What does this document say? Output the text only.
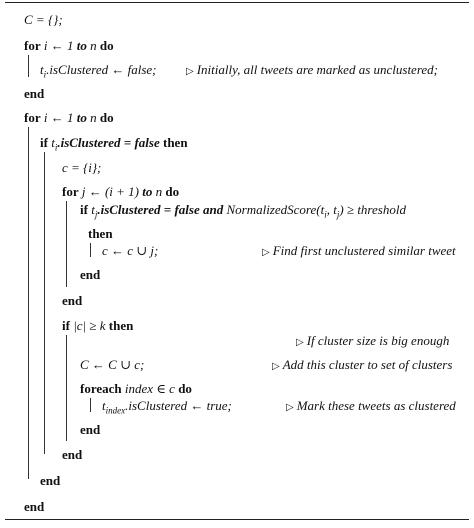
C = {};
for i ← 1 to n do
$t_i.isClustered$ ← false;	▷ Initially, all tweets are marked as unclustered;
end
for i ← 1 to n do
if $t_i.isClustered$ = false then
c = {i};
for j ← (i + 1) to n do
if $t_j.isClustered$ = false and $NormalizedScore(t_i$, $t_j$) ≥ threshold
then
c ← c ∪ j;	▷ Find first unclustered similar tweet
end
end
if |c| ≥ k then
▷ If cluster size is big enough
C ← C ∪ c;	▷ Add this cluster to set of clusters
foreach index ∈ c do
$t_{index}.isClustered$ ← true;	▷ Mark these tweets as clustered
end
end
end
end
